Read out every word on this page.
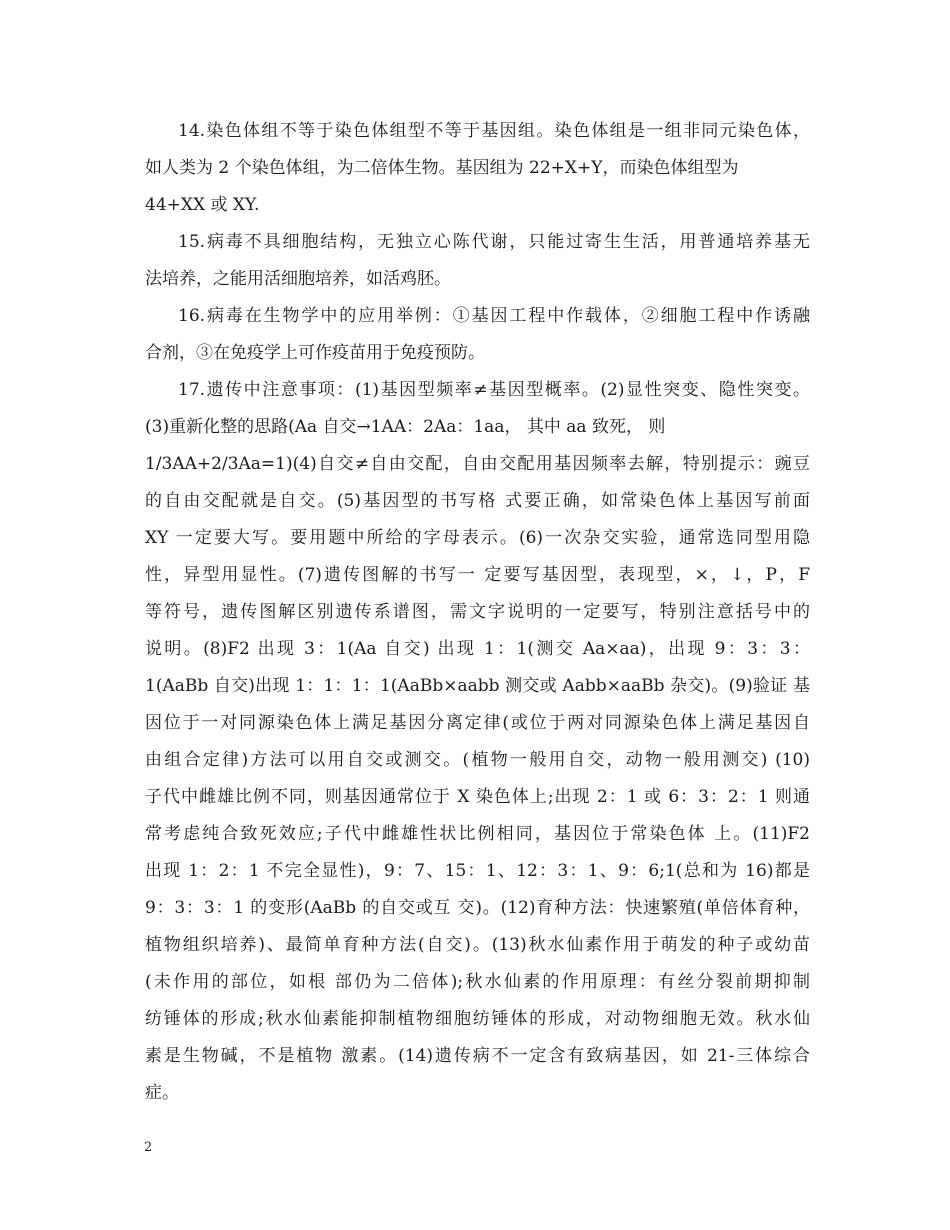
14.染色体组不等于染色体组型不等于基因组。染色体组是一组非同元染色体，
如人类为 2 个染色体组，为二倍体生物。基因组为 22+X+Y，而染色体组型为
44+XX 或 XY.
15.病毒不具细胞结构，无独立心陈代谢，只能过寄生生活，用普通培养基无
法培养，之能用活细胞培养，如活鸡胚。
16.病毒在生物学中的应用举例：①基因工程中作载体，②细胞工程中作诱融
合剂，③在免疫学上可作疫苗用于免疫预防。
17.遗传中注意事项：(1)基因型频率≠基因型概率。(2)显性突变、隐性突变。
(3)重新化整的思路(Aa 自交→1AA：2Aa：1aa， 其中 aa 致死， 则
1/3AA+2/3Aa=1)(4)自交≠自由交配，自由交配用基因频率去解，特别提示：豌豆
的自由交配就是自交。(5)基因型的书写格 式要正确，如常染色体上基因写前面
XY 一定要大写。要用题中所给的字母表示。(6)一次杂交实验，通常选同型用隐
性，异型用显性。(7)遗传图解的书写一 定要写基因型，表现型，×，↓，P，F
等符号，遗传图解区别遗传系谱图，需文字说明的一定要写，特别注意括号中的
说明。(8)F2 出现 3：1(Aa 自交) 出现 1：1(测交 Aa×aa)，出现 9：3：3：
1(AaBb 自交)出现 1：1：1：1(AaBb×aabb 测交或 Aabb×aaBb 杂交)。(9)验证 基
因位于一对同源染色体上满足基因分离定律(或位于两对同源染色体上满足基因自
由组合定律)方法可以用自交或测交。(植物一般用自交，动物一般用测交) (10)
子代中雌雄比例不同，则基因通常位于 X 染色体上;出现 2：1 或 6：3：2：1 则通
常考虑纯合致死效应;子代中雌雄性状比例相同，基因位于常染色体 上。(11)F2
出现 1：2：1 不完全显性)，9：7、15：1、12：3：1、9：6;1(总和为 16)都是
9：3：3：1 的变形(AaBb 的自交或互 交)。(12)育种方法：快速繁殖(单倍体育种，
植物组织培养)、最简单育种方法(自交)。(13)秋水仙素作用于萌发的种子或幼苗
(未作用的部位，如根 部仍为二倍体);秋水仙素的作用原理：有丝分裂前期抑制
纺锤体的形成;秋水仙素能抑制植物细胞纺锤体的形成，对动物细胞无效。秋水仙
素是生物碱，不是植物 激素。(14)遗传病不一定含有致病基因，如 21-三体综合
症。
2
